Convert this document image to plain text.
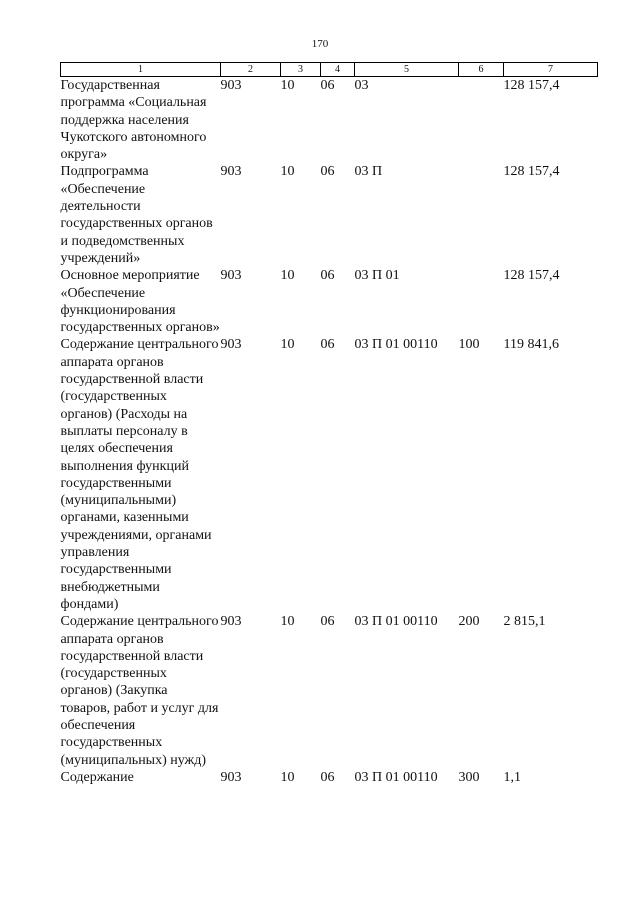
170
1	2	3	4	5	6	7
Государственная программа «Социальная поддержка населения Чукотского автономного округа»	903	10	06	03		128 157,4
Подпрограмма «Обеспечение деятельности государственных органов и подведомственных учреждений»	903	10	06	03 П		128 157,4
Основное мероприятие «Обеспечение функционирования государственных органов»	903	10	06	03 П 01		128 157,4
Содержание центрального аппарата органов государственной власти (государственных органов) (Расходы на выплаты персоналу в целях обеспечения выполнения функций государственными (муниципальными) органами, казенными учреждениями, органами управления государственными внебюджетными фондами)	903	10	06	03 П 01 00110	100	119 841,6
Содержание центрального аппарата органов государственной власти (государственных органов) (Закупка товаров, работ и услуг для обеспечения государственных (муниципальных) нужд)	903	10	06	03 П 01 00110	200	2 815,1
Содержание	903	10	06	03 П 01 00110	300	1,1
